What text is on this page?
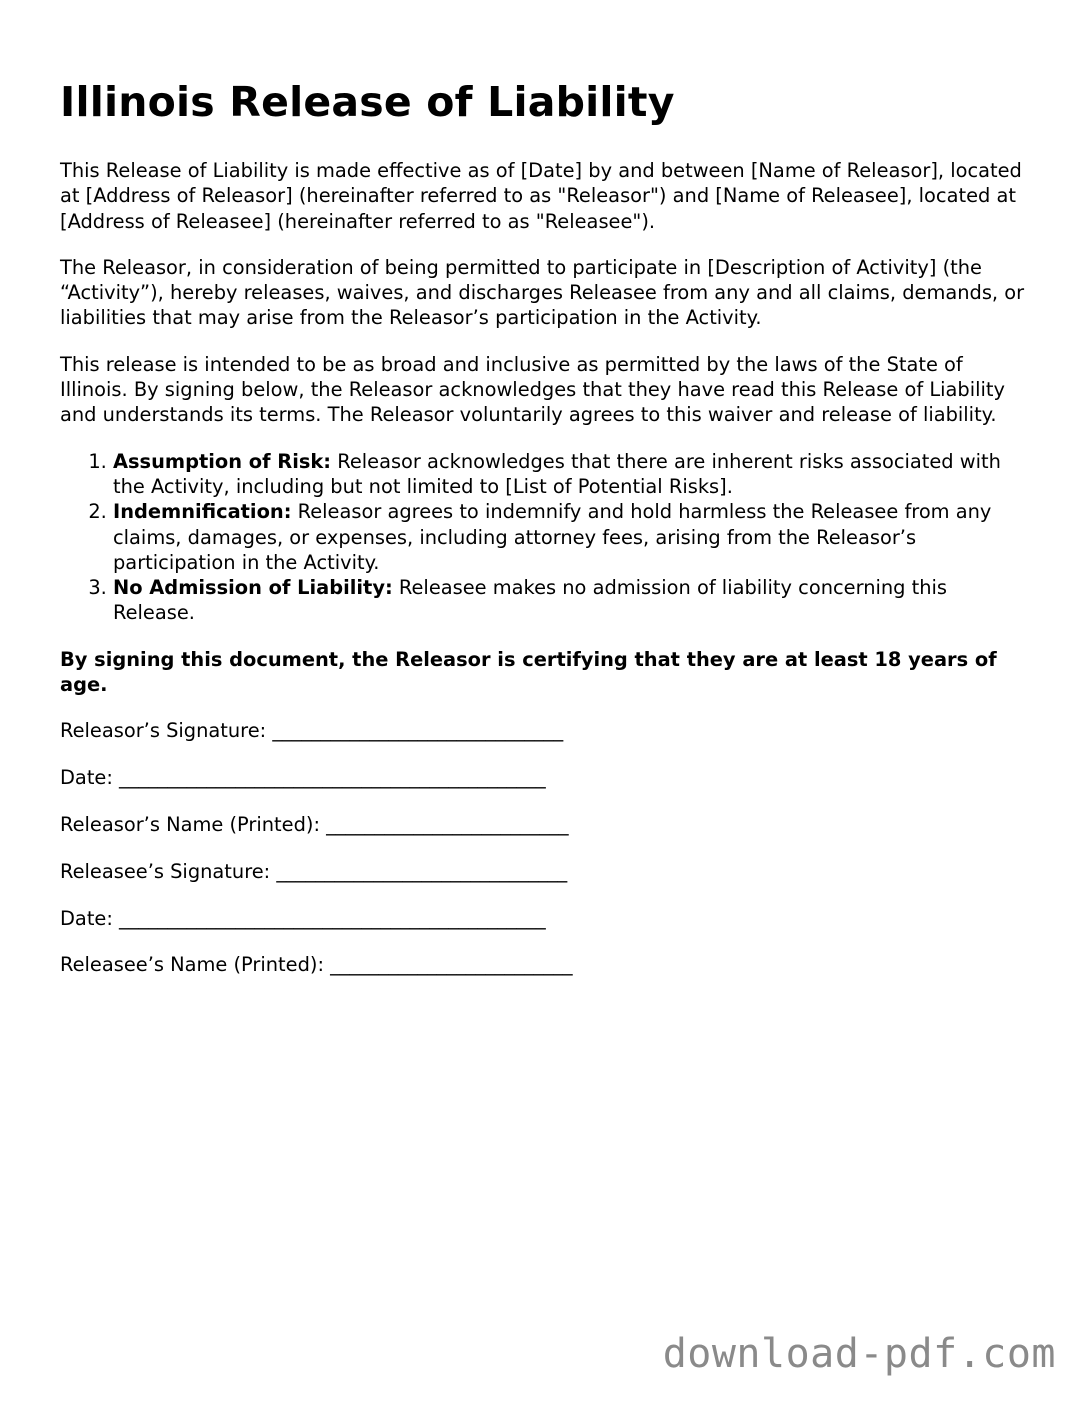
Illinois Release of Liability

This Release of Liability is made effective as of [Date] by and between [Name of Releasor], located at [Address of Releasor] (hereinafter referred to as "Releasor") and [Name of Releasee], located at [Address of Releasee] (hereinafter referred to as "Releasee").

The Releasor, in consideration of being permitted to participate in [Description of Activity] (the “Activity”), hereby releases, waives, and discharges Releasee from any and all claims, demands, or liabilities that may arise from the Releasor’s participation in the Activity.

This release is intended to be as broad and inclusive as permitted by the laws of the State of Illinois. By signing below, the Releasor acknowledges that they have read this Release of Liability and understands its terms. The Releasor voluntarily agrees to this waiver and release of liability.

1. Assumption of Risk: Releasor acknowledges that there are inherent risks associated with the Activity, including but not limited to [List of Potential Risks].
2. Indemnification: Releasor agrees to indemnify and hold harmless the Releasee from any claims, damages, or expenses, including attorney fees, arising from the Releasor’s participation in the Activity.
3. No Admission of Liability: Releasee makes no admission of liability concerning this Release.

By signing this document, the Releasor is certifying that they are at least 18 years of age.

Releasor’s Signature: ______________________________

Date: ____________________________________________

Releasor’s Name (Printed): _________________________

Releasee’s Signature: ______________________________

Date: ____________________________________________

Releasee’s Name (Printed): _________________________

download-pdf.com
